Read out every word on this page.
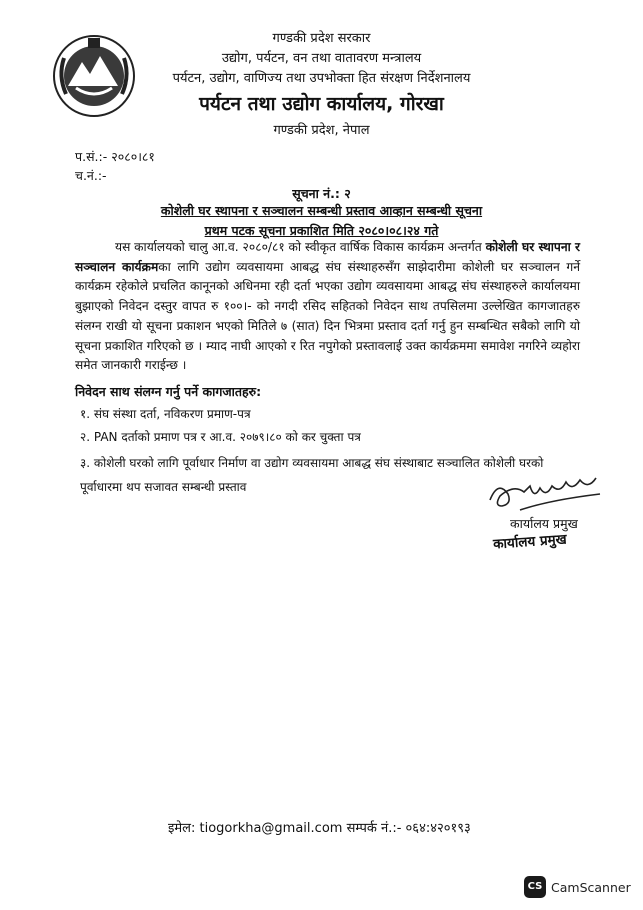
गण्डकी प्रदेश सरकार
उद्योग, पर्यटन, वन तथा वातावरण मन्त्रालय
पर्यटन, उद्योग, वाणिज्य तथा उपभोक्ता हित संरक्षण निर्देशनालय
पर्यटन तथा उद्योग कार्यालय, गोरखा
गण्डकी प्रदेश, नेपाल
प.सं.:- २०८०।८१
च.नं.:-
सूचना नं.: २
कोशेली घर स्थापना र सञ्चालन सम्बन्धी प्रस्ताव आव्हान सम्बन्धी सूचना
प्रथम पटक सूचना प्रकाशित मिति २०८०।०८।२४ गते
यस कार्यालयको चालु आ.व. २०८०/८१ को स्वीकृत वार्षिक विकास कार्यक्रम अन्तर्गत कोशेली घर स्थापना र सञ्चालन कार्यक्रमका लागि उद्योग व्यवसायमा आबद्ध संघ संस्थाहरुसँग साझेदारीमा कोशेली घर सञ्चालन गर्ने कार्यक्रम रहेकोले प्रचलित कानूनको अधिनमा रही दर्ता भएका उद्योग व्यवसायमा आबद्ध संघ संस्थाहरुले कार्यालयमा बुझाएको निवेदन दस्तुर वापत रु १००।- को नगदी रसिद सहितको निवेदन साथ तपसिलमा उल्लेखित कागजातहरु संलग्न राखी यो सूचना प्रकाशन भएको मितिले ७ (सात) दिन भित्रमा प्रस्ताव दर्ता गर्नु हुन सम्बन्धित सबैको लागि यो सूचना प्रकाशित गरिएको छ । म्याद नाघी आएको र रित नपुगेको प्रस्तावलाई उक्त कार्यक्रममा समावेश नगरिने व्यहोरा समेत जानकारी गराईन्छ ।
निवेदन साथ संलग्न गर्नु पर्ने कागजातहरु:
१. संघ संस्था दर्ता, नविकरण प्रमाण-पत्र
२. PAN दर्ताको प्रमाण पत्र र आ.व. २०७९।८० को कर चुक्ता पत्र
३. कोशेली घरको लागि पूर्वाधार निर्माण वा उद्योग व्यवसायमा आबद्ध संघ संस्थाबाट सञ्चालित कोशेली घरको पूर्वाधारमा थप सजावत सम्बन्धी प्रस्ताव
कार्यालय प्रमुख
कार्यालय प्रमुख
इमेल: tiogorkha@gmail.com सम्पर्क नं.:- ०६४:४२०१९३
CS CamScanner
